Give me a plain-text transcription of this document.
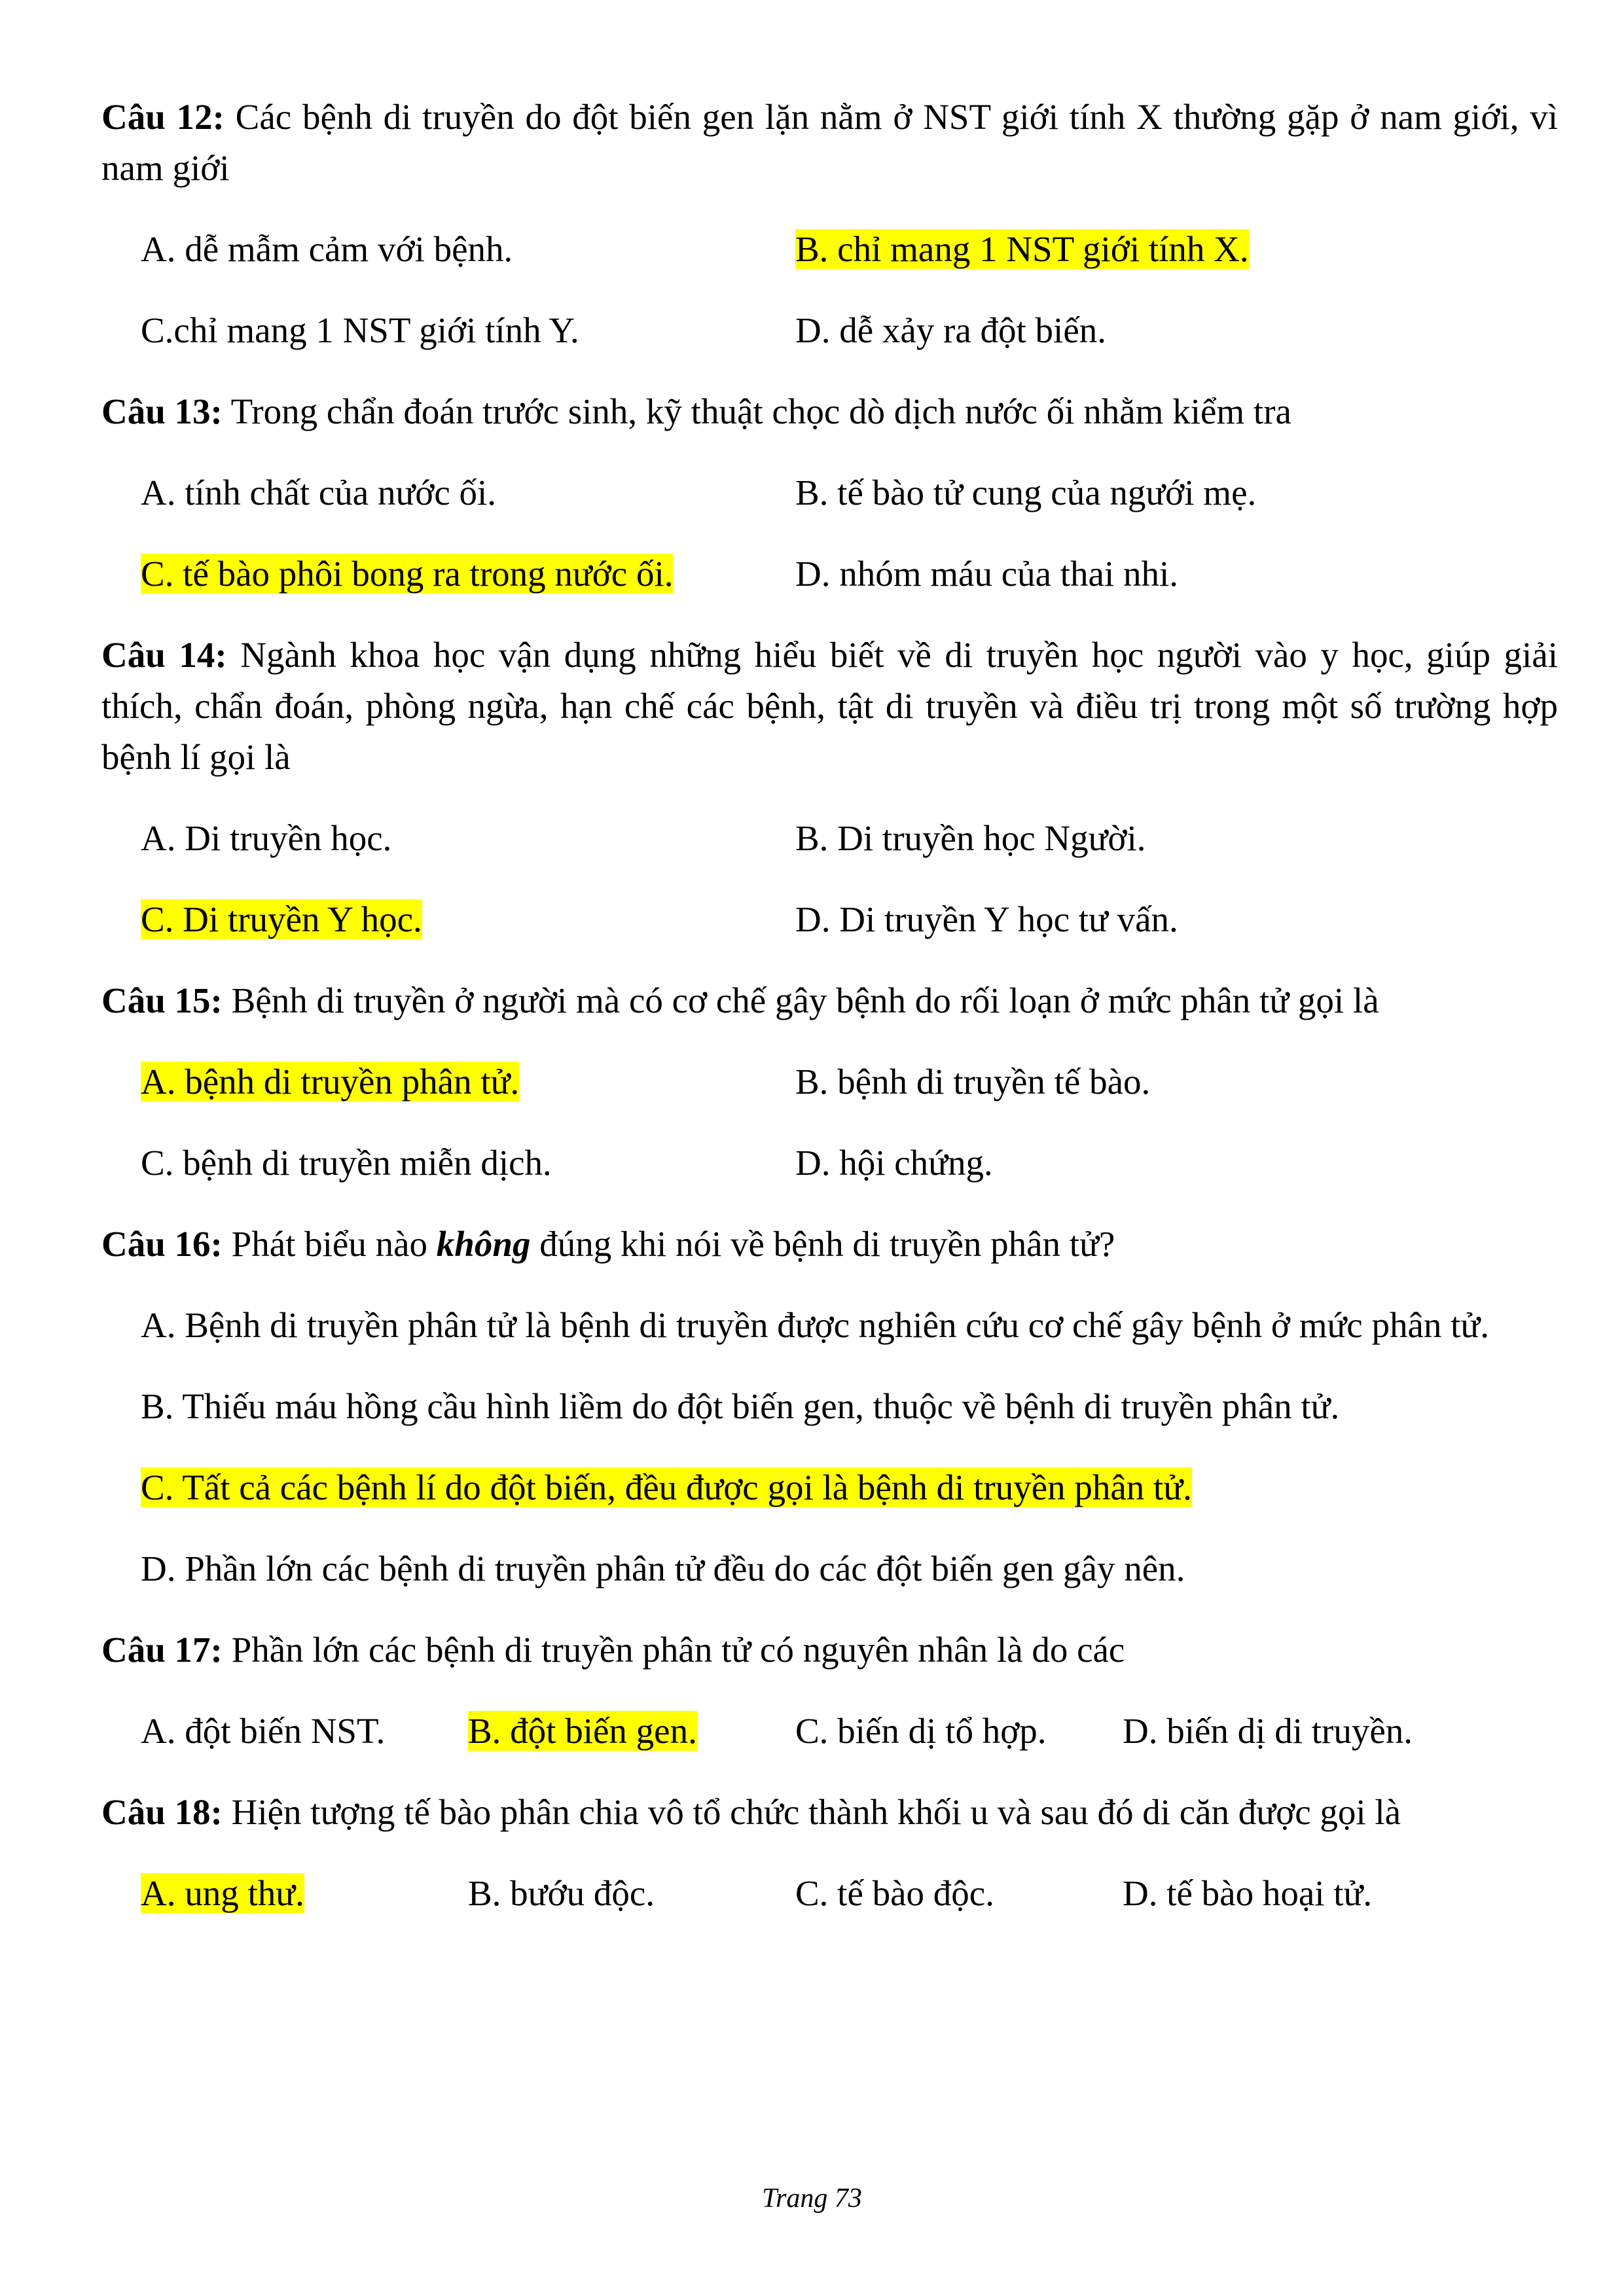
Câu 12: Các bệnh di truyền do đột biến gen lặn nằm ở NST giới tính X thường gặp ở nam giới, vì nam giới

A. dễ mẫm cảm với bệnh.	B. chỉ mang 1 NST giới tính X.
C.chỉ mang 1 NST giới tính Y.	D. dễ xảy ra đột biến.

Câu 13: Trong chẩn đoán trước sinh, kỹ thuật chọc dò dịch nước ối nhằm kiểm tra

A. tính chất của nước ối.	B. tế bào tử cung của ngưới mẹ.
C. tế bào phôi bong ra trong nước ối.	D. nhóm máu của thai nhi.

Câu 14: Ngành khoa học vận dụng những hiểu biết về di truyền học người vào y học, giúp giải thích, chẩn đoán, phòng ngừa, hạn chế các bệnh, tật di truyền và điều trị trong một số trường hợp bệnh lí gọi là

A. Di truyền học.	B. Di truyền học Người.
C. Di truyền Y học.	D. Di truyền Y học tư vấn.

Câu 15: Bệnh di truyền ở người mà có cơ chế gây bệnh do rối loạn ở mức phân tử gọi là

A. bệnh di truyền phân tử.	B. bệnh di truyền tế bào.
C. bệnh di truyền miễn dịch.	D. hội chứng.

Câu 16: Phát biểu nào không đúng khi nói về bệnh di truyền phân tử?

A. Bệnh di truyền phân tử là bệnh di truyền được nghiên cứu cơ chế gây bệnh ở mức phân tử.

B. Thiếu máu hồng cầu hình liềm do đột biến gen, thuộc về bệnh di truyền phân tử.

C. Tất cả các bệnh lí do đột biến, đều được gọi là bệnh di truyền phân tử.

D. Phần lớn các bệnh di truyền phân tử đều do các đột biến gen gây nên.

Câu 17: Phần lớn các bệnh di truyền phân tử có nguyên nhân là do các

A. đột biến NST.	B. đột biến gen.	C. biến dị tổ hợp.	D. biến dị di truyền.

Câu 18: Hiện tượng tế bào phân chia vô tổ chức thành khối u và sau đó di căn được gọi là

A. ung thư.	B. bướu độc.	C. tế bào độc.	D. tế bào hoại tử.
Trang 73
